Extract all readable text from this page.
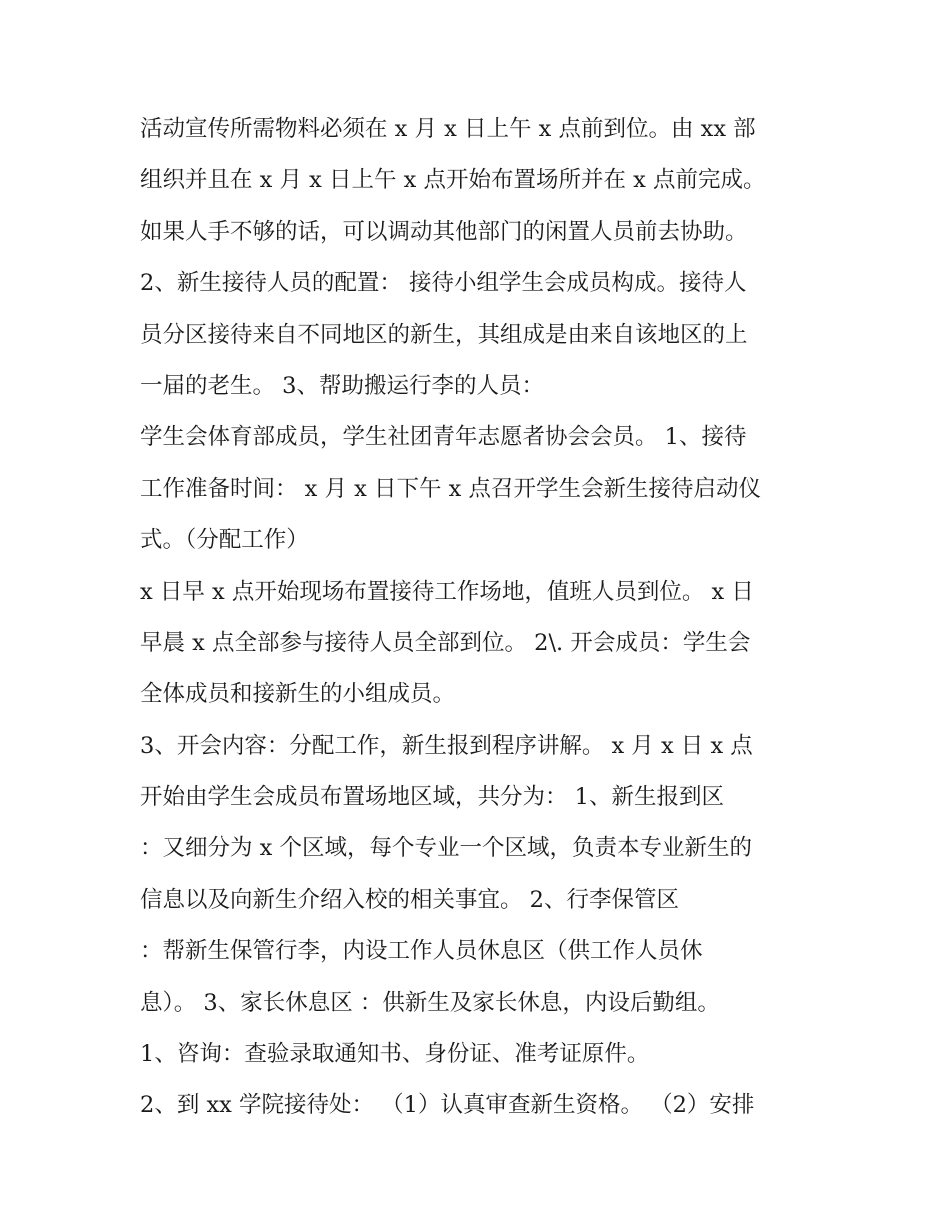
活动宣传所需物料必须在 x 月 x 日上午 x 点前到位。由 xx 部
组织并且在 x 月 x 日上午 x 点开始布置场所并在 x 点前完成。
如果人手不够的话，可以调动其他部门的闲置人员前去协助。
2、新生接待人员的配置： 接待小组学生会成员构成。接待人
员分区接待来自不同地区的新生，其组成是由来自该地区的上
一届的老生。 3、帮助搬运行李的人员：
学生会体育部成员，学生社团青年志愿者协会会员。 1、接待
工作准备时间： x 月 x 日下午 x 点召开学生会新生接待启动仪
式。（分配工作）
x 日早 x 点开始现场布置接待工作场地，值班人员到位。 x 日
早晨 x 点全部参与接待人员全部到位。 2\. 开会成员：学生会
全体成员和接新生的小组成员。
3、开会内容：分配工作，新生报到程序讲解。 x 月 x 日 x 点
开始由学生会成员布置场地区域，共分为： 1、新生报到区
：又细分为 x 个区域，每个专业一个区域，负责本专业新生的
信息以及向新生介绍入校的相关事宜。 2、行李保管区
：帮新生保管行李，内设工作人员休息区（供工作人员休
息）。 3、家长休息区 ：供新生及家长休息，内设后勤组。
1、咨询：查验录取通知书、身份证、准考证原件。
2、到 xx 学院接待处： （1）认真审查新生资格。 （2）安排
